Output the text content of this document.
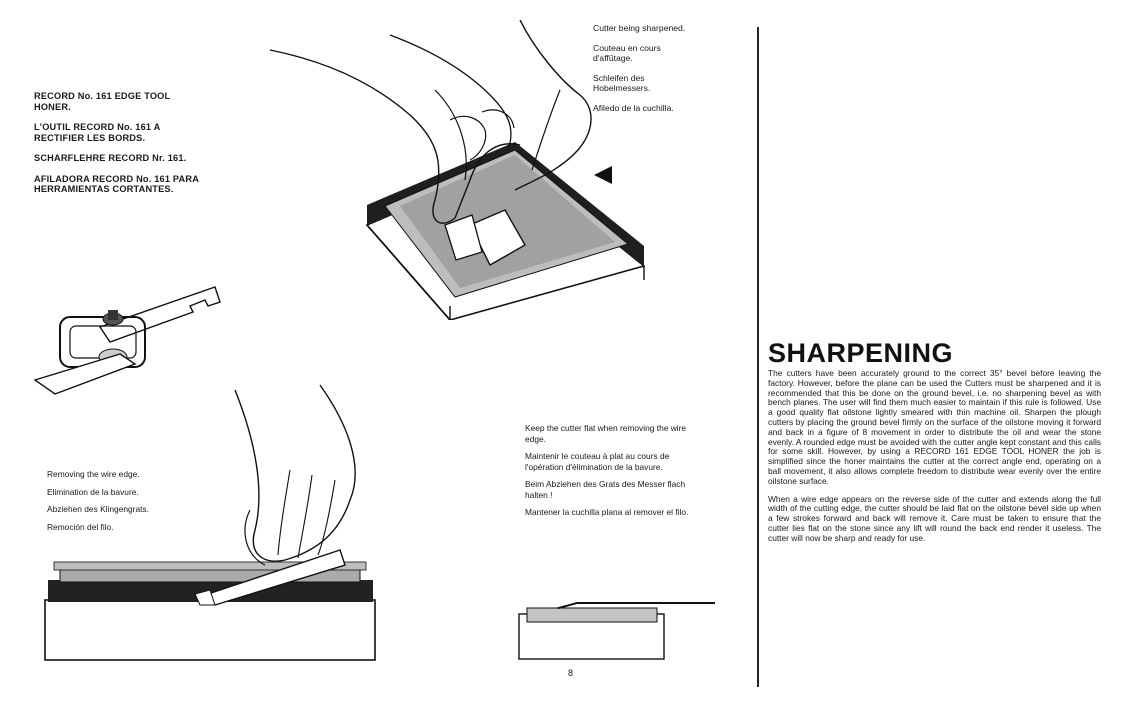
RECORD No. 161 EDGE TOOL HONER.

L'OUTIL RECORD No. 161 A RECTIFIER LES BORDS.

SCHARFLEHRE RECORD Nr. 161.

AFILADORA RECORD No. 161 PARA HERRAMIENTAS CORTANTES.

Cutter being sharpened.

Couteau en cours d'affûtage.

Schleifen des Hobelmessers.

Afiledo de la cuchilla.

Removing the wire edge.

Elimination de la bavure.

Abziehen des Klingengrats.

Remoción del filo.

Keep the cutter flat when removing the wire edge.

Maintenir le couteau à plat au cours de l'opération d'élimination de la bavure.

Beim Abziehen des Grats des Messer flach halten !

Mantener la cuchilla plana al remover el filo.

8
SHARPENING

The cutters have been accurately ground to the correct 35° bevel before leaving the factory. However, before the plane can be used the Cutters must be sharpened and it is recommended that this be done on the ground bevel, i.e. no sharpening bevel as with bench planes. The user will find them much easier to maintain if this rule is followed. Use a good quality flat oilstone lightly smeared with thin machine oil. Sharpen the plough cutters by placing the ground bevel firmly on the surface of the oilstone moving it forward and back in a figure of 8 movement in order to distribute the oil and wear the stone evenly. A rounded edge must be avoided with the cutter angle kept constant and this calls for some skill. However, by using a RECORD 161 EDGE TOOL HONER the job is simplified since the honer maintains the cutter at the correct angle end, operating on a ball movement, it also allows complete freedom to distribute wear evenly over the entire oilstone surface.

When a wire edge appears on the reverse side of the cutter and extends along the full width of the cutting edge, the cutter should be laid flat on the oilstone bevel side up when a few strokes forward and back will remove it. Care must be taken to ensure that the cutter lies flat on the stone since any lift will round the back end render it useless. The cutter will now be sharp and ready for use.
